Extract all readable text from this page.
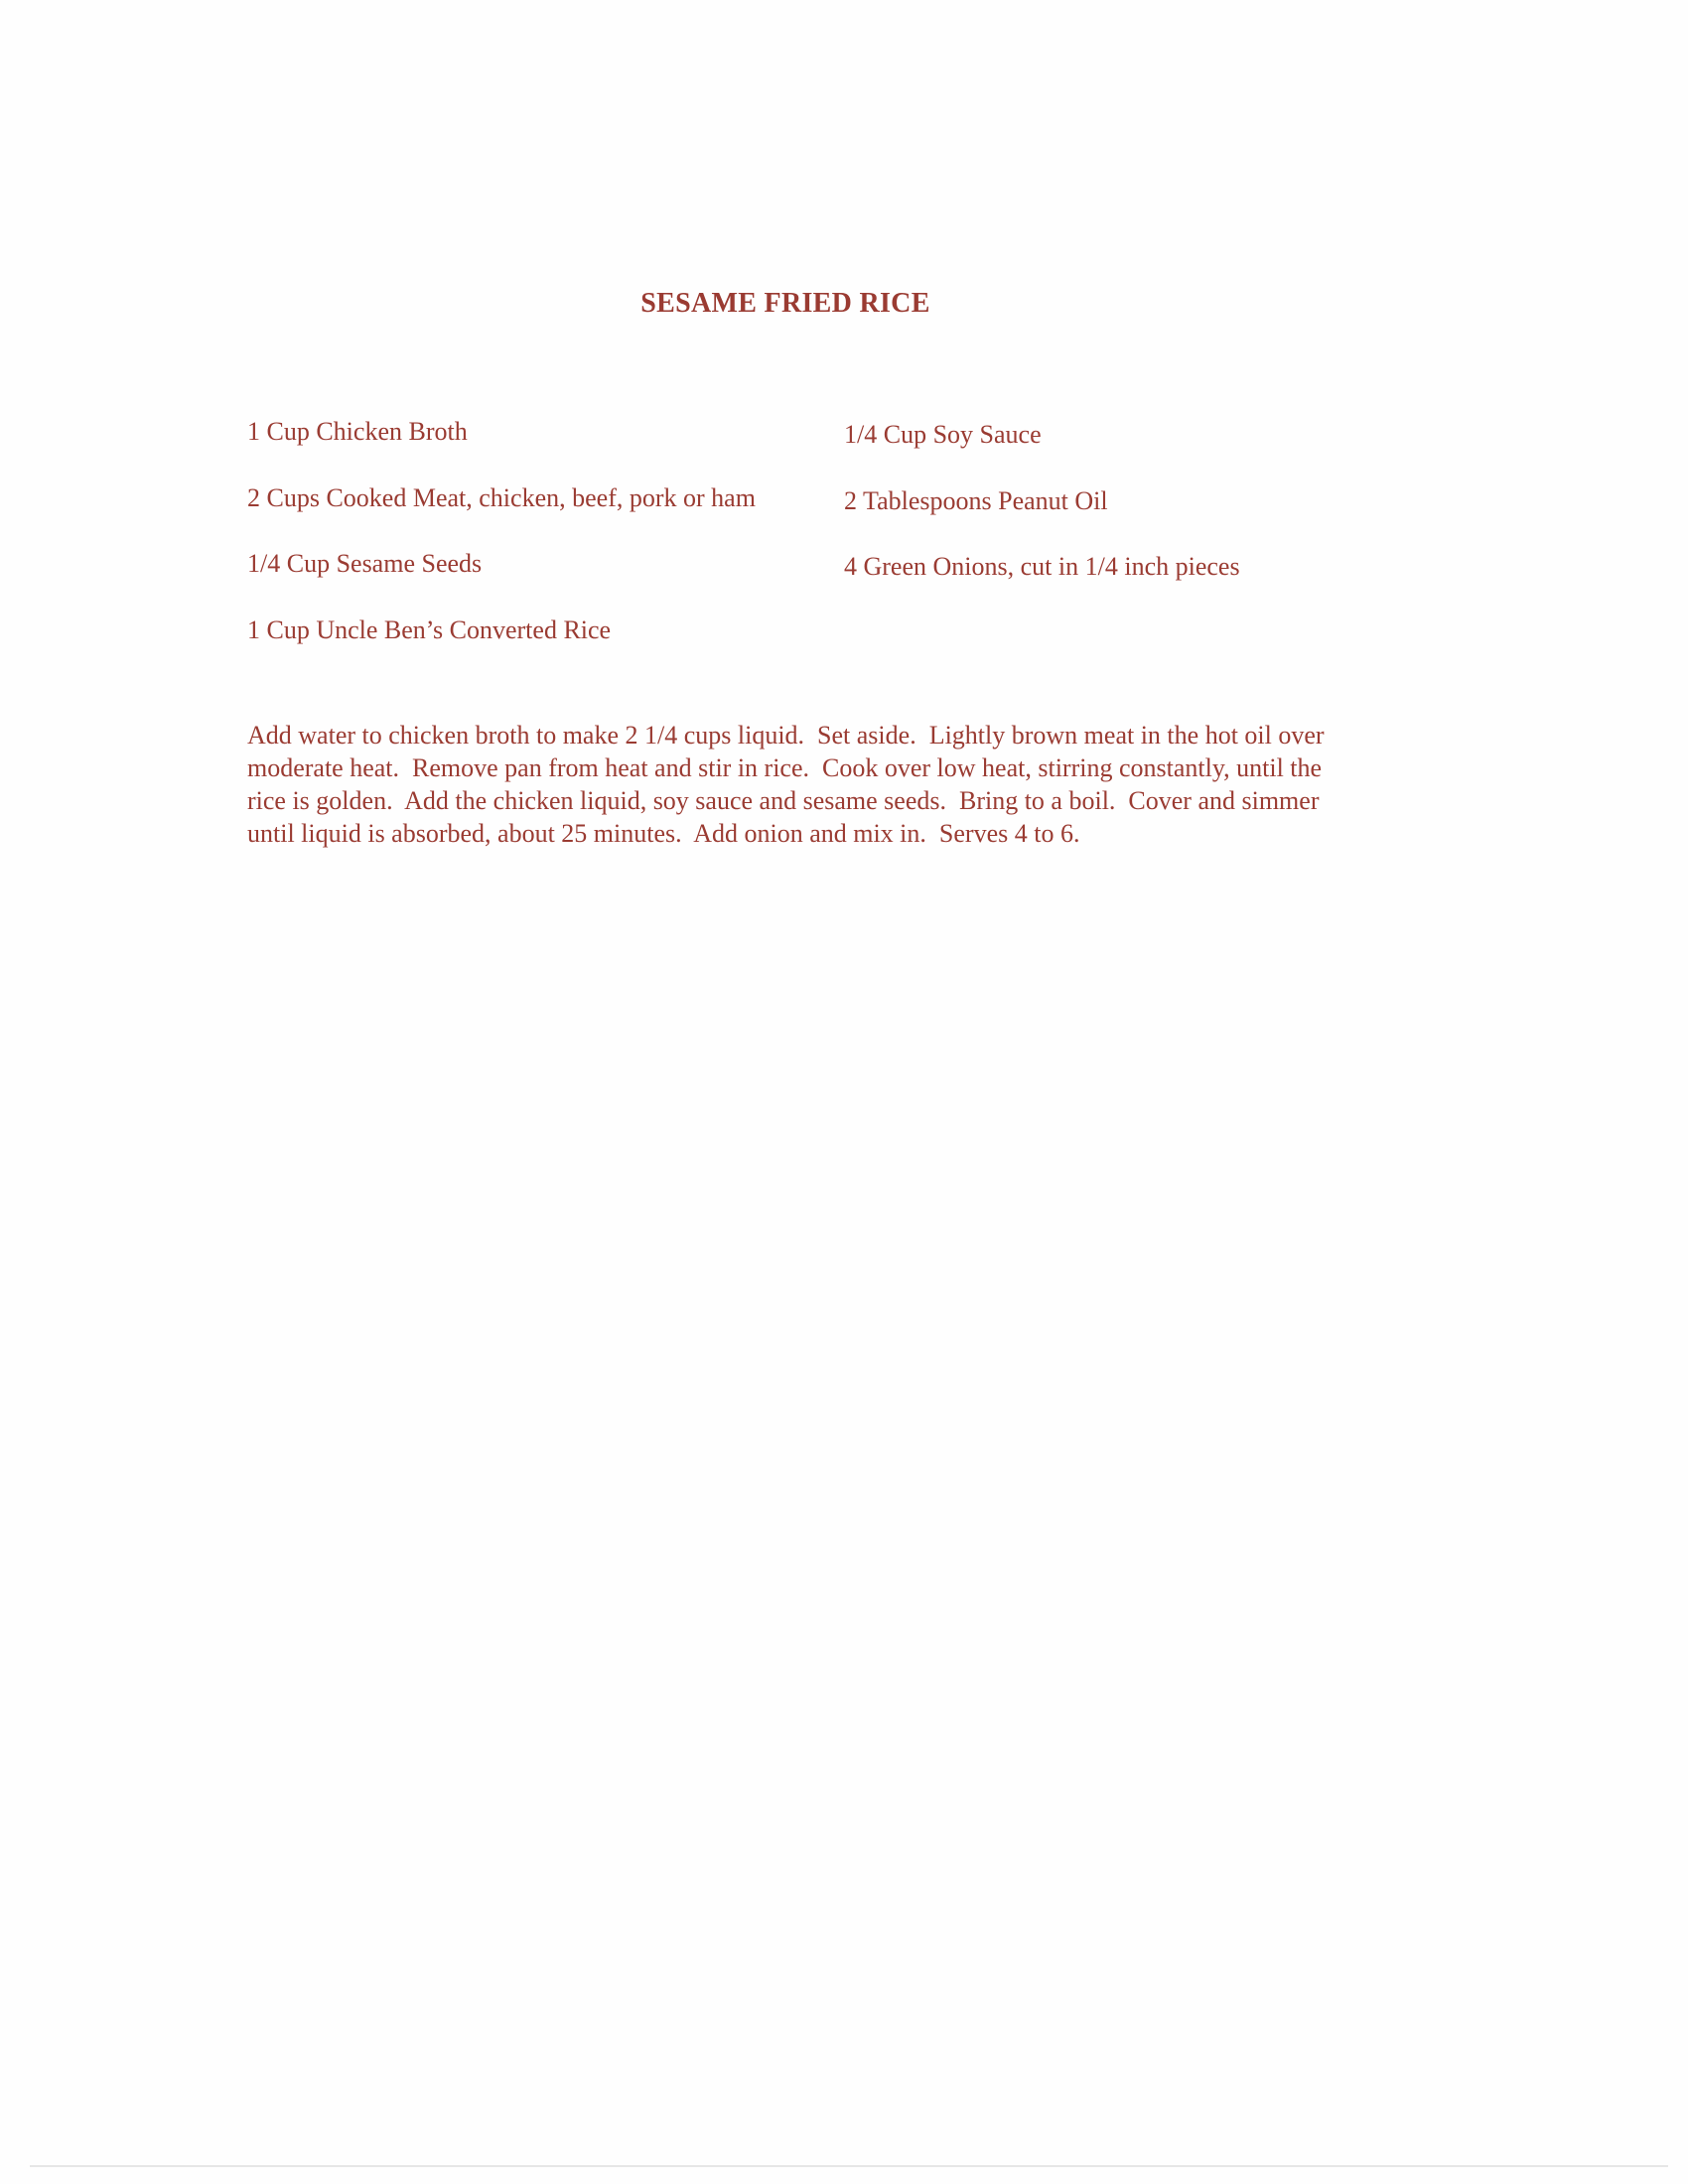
SESAME FRIED RICE
1 Cup Chicken Broth
2 Cups Cooked Meat, chicken, beef, pork or ham
1/4 Cup Sesame Seeds
1 Cup Uncle Ben’s Converted Rice
1/4 Cup Soy Sauce
2 Tablespoons Peanut Oil
4 Green Onions, cut in 1/4 inch pieces
Add water to chicken broth to make 2 1/4 cups liquid.  Set aside.  Lightly brown meat in the hot oil over
moderate heat.  Remove pan from heat and stir in rice.  Cook over low heat, stirring constantly, until the
rice is golden.  Add the chicken liquid, soy sauce and sesame seeds.  Bring to a boil.  Cover and simmer
until liquid is absorbed, about 25 minutes.  Add onion and mix in.  Serves 4 to 6.
